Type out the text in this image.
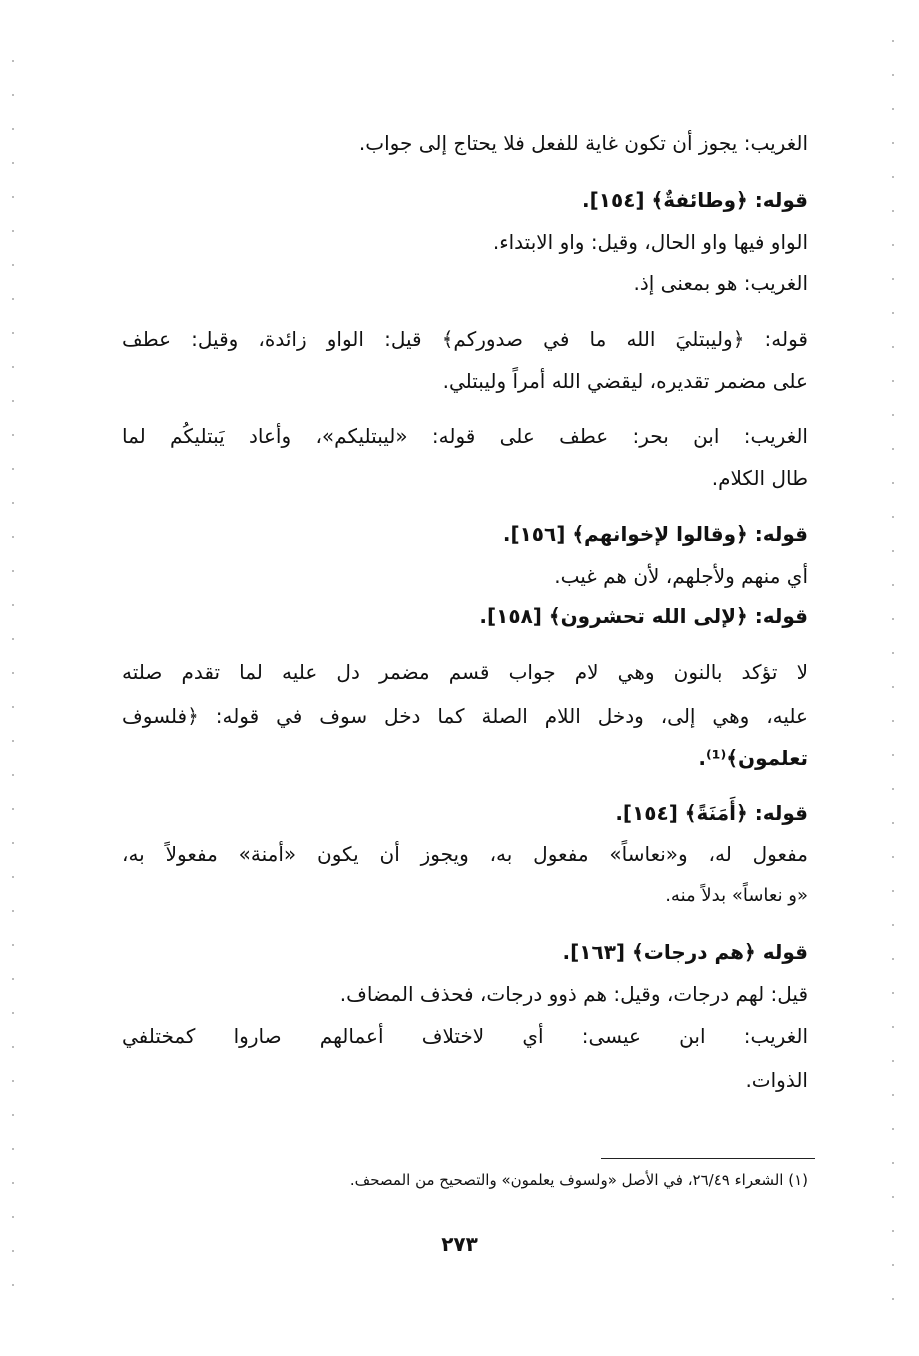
الغريب: يجوز أن تكون غاية للفعل فلا يحتاج إلى جواب.
قوله: ﴿وطائفةٌ﴾ [١٥٤].
الواو فيها واو الحال، وقيل: واو الابتداء.
الغريب: هو بمعنى إذ.
قوله: ﴿وليبتليَ الله ما في صدوركم﴾ قيل: الواو زائدة، وقيل: عطف
على مضمر تقديره، ليقضي الله أمراً وليبتلي.
الغريب: ابن بحر: عطف على قوله: «ليبتليكم»، وأعاد يَبتليكُم لما
طال الكلام.
قوله: ﴿وقالوا لإخوانهم﴾ [١٥٦].
أي منهم ولأجلهم، لأن هم غيب.
قوله: ﴿لإلى الله تحشرون﴾ [١٥٨].
لا تؤكد بالنون وهي لام جواب قسم مضمر دل عليه لما تقدم صلته
عليه، وهي إلى، ودخل اللام الصلة كما دخل سوف في قوله: ﴿فلسوف
تعلمون﴾⁽¹⁾.
قوله: ﴿أَمَنَةً﴾ [١٥٤].
مفعول له، و«نعاساً» مفعول به، ويجوز أن يكون «أمنة» مفعولاً به،
«و نعاساً» بدلاً منه.
قوله ﴿هم درجات﴾ [١٦٣].
قيل: لهم درجات، وقيل: هم ذوو درجات، فحذف المضاف.
الغريب: ابن عيسى: أي لاختلاف أعمالهم صاروا كمختلفي
الذوات.
(١) الشعراء ٢٦/٤٩، في الأصل «ولسوف يعلمون» والتصحيح من المصحف.
٢٧٣
